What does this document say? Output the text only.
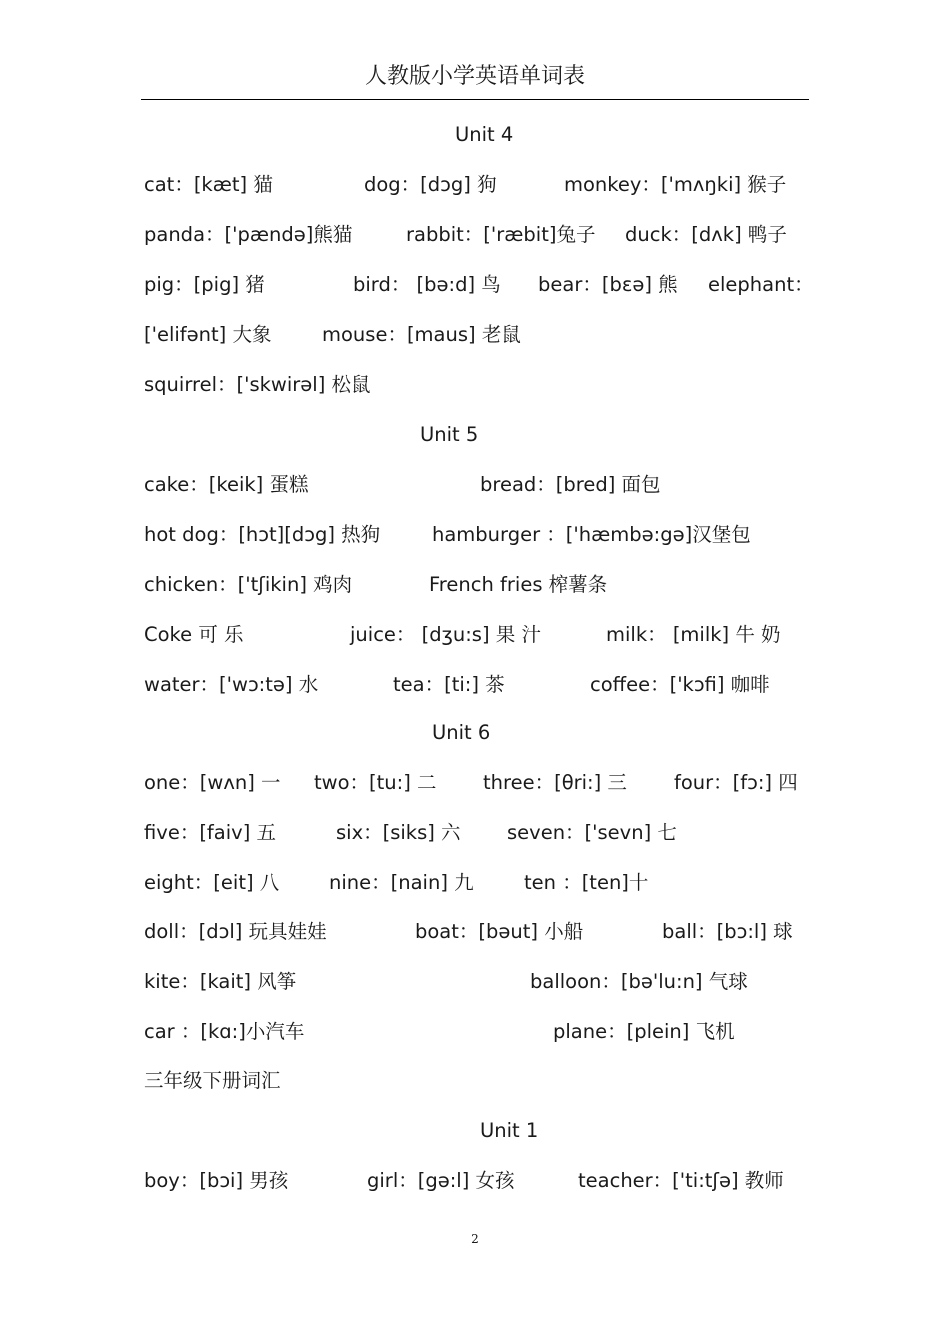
人教版小学英语单词表
Unit 4
cat：[kæt] 猫	dog：[dɔg] 狗	monkey：['mʌŋki] 猴子
panda：['pændə]熊猫	rabbit：['ræbit]兔子 duck：[dʌk] 鸭子
pig：[pig] 猪	bird： [bə:d] 鸟 bear：[bɛə] 熊 elephant：
['elifənt] 大象	mouse：[maus] 老鼠
squirrel：['skwirəl] 松鼠
Unit 5
cake：[keik] 蛋糕	bread：[bred] 面包
hot dog：[hɔt][dɔg] 热狗	hamburger ：['hæmbə:gə]汉堡包
chicken：['tʃikin] 鸡肉	French fries 榨薯条
Coke 可 乐	juice： [dʒu:s] 果 汁	milk： [milk] 牛 奶
water：['wɔ:tə] 水	tea：[ti:] 茶	coffee：['kɔfi] 咖啡
Unit 6
one：[wʌn] 一 two：[tu:] 二 three：[θri:] 三 four：[fɔ:] 四
five：[faiv] 五	six：[siks] 六 seven：['sevn] 七
eight：[eit] 八	nine：[nain] 九	ten ：[ten]十
doll：[dɔl] 玩具娃娃	boat：[bəut] 小船	ball：[bɔ:l] 球
kite：[kait] 风筝	balloon：[bə'lu:n] 气球
car ：[kɑ:]小汽车	plane：[plein] 飞机
三年级下册词汇
Unit 1
boy：[bɔi] 男孩	girl：[gə:l] 女孩	teacher：['ti:tʃə] 教师
2
